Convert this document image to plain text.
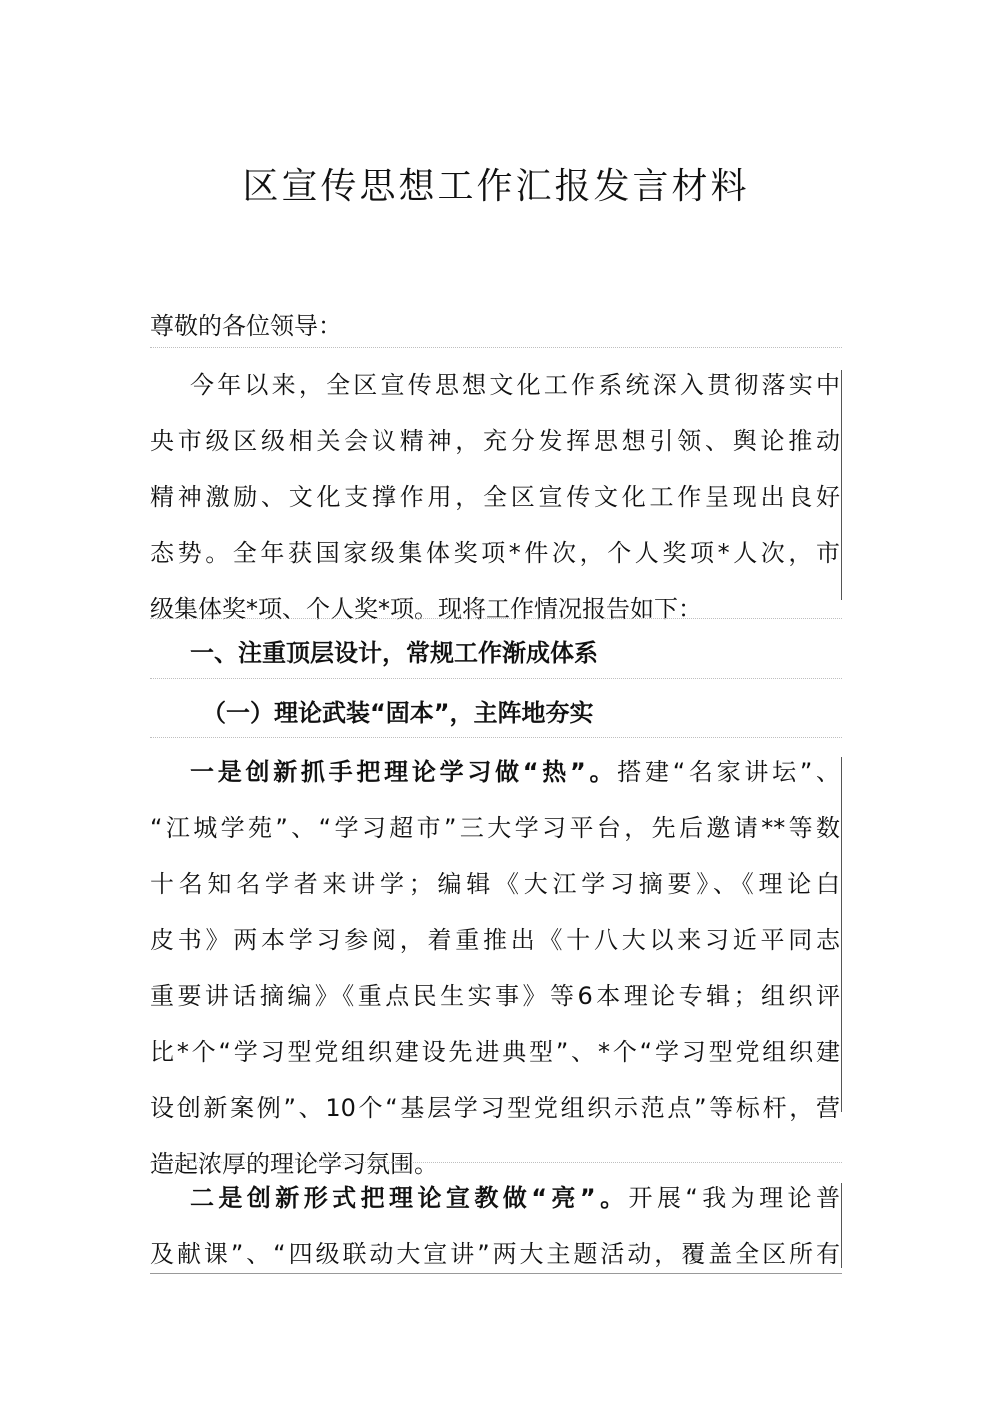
区宣传思想工作汇报发言材料
尊敬的各位领导：
今年以来，全区宣传思想文化工作系统深入贯彻落实中
央市级区级相关会议精神，充分发挥思想引领、舆论推动
精神激励、文化支撑作用，全区宣传文化工作呈现出良好
态势。全年获国家级集体奖项*件次，个人奖项*人次，市
级集体奖*项、个人奖*项。现将工作情况报告如下：
一、注重顶层设计，常规工作渐成体系
（一）理论武装“固本”，主阵地夯实
一是创新抓手把理论学习做“热”。搭建“名家讲坛”、
“江城学苑”、“学习超市”三大学习平台，先后邀请**等数
十名知名学者来讲学；编辑《大江学习摘要》、《理论白
皮书》两本学习参阅，着重推出《十八大以来习近平同志
重要讲话摘编》《重点民生实事》等6本理论专辑；组织评
比*个“学习型党组织建设先进典型”、*个“学习型党组织建
设创新案例”、10个“基层学习型党组织示范点”等标杆，营
造起浓厚的理论学习氛围。
二是创新形式把理论宣教做“亮”。开展“我为理论普
及献课”、“四级联动大宣讲”两大主题活动，覆盖全区所有
